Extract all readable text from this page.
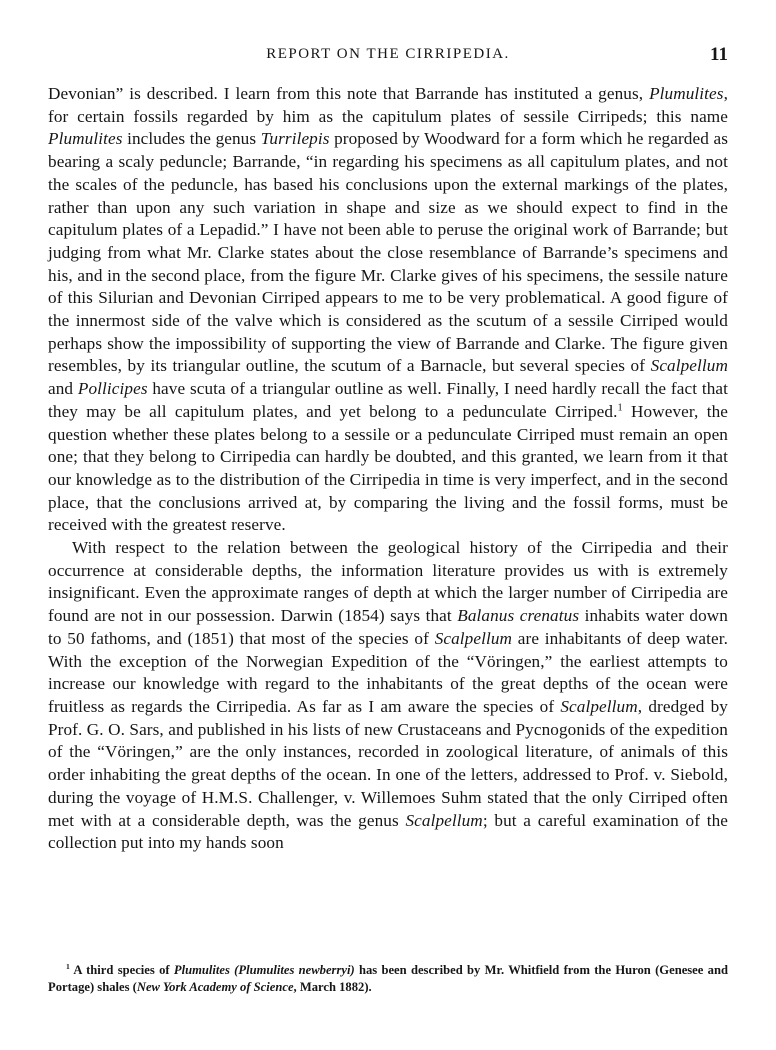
REPORT ON THE CIRRIPEDIA.	11

Devonian” is described. I learn from this note that Barrande has instituted a genus, Plumulites, for certain fossils regarded by him as the capitulum plates of sessile Cirripeds; this name Plumulites includes the genus Turrilepis proposed by Woodward for a form which he regarded as bearing a scaly peduncle; Barrande, “in regarding his specimens as all capitulum plates, and not the scales of the peduncle, has based his conclusions upon the external markings of the plates, rather than upon any such variation in shape and size as we should expect to find in the capitulum plates of a Lepadid.” I have not been able to peruse the original work of Barrande; but judging from what Mr. Clarke states about the close resemblance of Barrande’s specimens and his, and in the second place, from the figure Mr. Clarke gives of his specimens, the sessile nature of this Silurian and Devonian Cirriped appears to me to be very problematical. A good figure of the innermost side of the valve which is considered as the scutum of a sessile Cirriped would perhaps show the impossibility of supporting the view of Barrande and Clarke. The figure given resembles, by its triangular outline, the scutum of a Barnacle, but several species of Scalpellum and Pollicipes have scuta of a triangular outline as well. Finally, I need hardly recall the fact that they may be all capitulum plates, and yet belong to a pedunculate Cirriped.$^1$ However, the question whether these plates belong to a sessile or a pedunculate Cirriped must remain an open one; that they belong to Cirripedia can hardly be doubted, and this granted, we learn from it that our knowledge as to the distribution of the Cirripedia in time is very imperfect, and in the second place, that the conclusions arrived at, by comparing the living and the fossil forms, must be received with the greatest reserve.

With respect to the relation between the geological history of the Cirripedia and their occurrence at considerable depths, the information literature provides us with is extremely insignificant. Even the approximate ranges of depth at which the larger number of Cirripedia are found are not in our possession. Darwin (1854) says that Balanus crenatus inhabits water down to 50 fathoms, and (1851) that most of the species of Scalpellum are inhabitants of deep water. With the exception of the Norwegian Expedition of the “Vöringen,” the earliest attempts to increase our knowledge with regard to the inhabitants of the great depths of the ocean were fruitless as regards the Cirripedia. As far as I am aware the species of Scalpellum, dredged by Prof. G. O. Sars, and published in his lists of new Crustaceans and Pycnogonids of the expedition of the “Vöringen,” are the only instances, recorded in zoological literature, of animals of this order inhabiting the great depths of the ocean. In one of the letters, addressed to Prof. v. Siebold, during the voyage of H.M.S. Challenger, v. Willemoes Suhm stated that the only Cirriped often met with at a considerable depth, was the genus Scalpellum; but a careful examination of the collection put into my hands soon

$^1$ A third species of Plumulites (Plumulites newberryi) has been described by Mr. Whitfield from the Huron (Genesee and Portage) shales (New York Academy of Science, March 1882).
